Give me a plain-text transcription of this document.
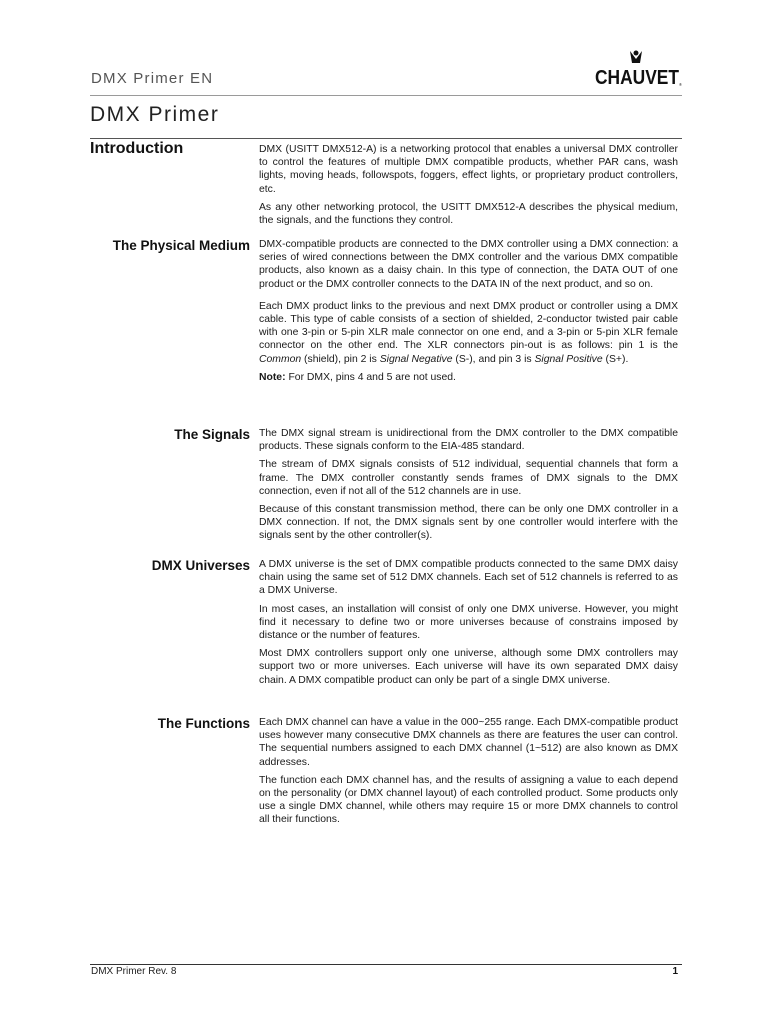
DMX Primer EN	CHAUVET ®
DMX Primer
Introduction	DMX (USITT DMX512-A) is a networking protocol that enables a universal DMX controller to control the features of multiple DMX compatible products, whether PAR cans, wash lights, moving heads, followspots, foggers, effect lights, or proprietary product controllers, etc.

As any other networking protocol, the USITT DMX512-A describes the physical medium, the signals, and the functions they control.

The Physical Medium DMX-compatible products are connected to the DMX controller using a DMX connection: a series of wired connections between the DMX controller and the various DMX compatible products, also known as a daisy chain. In this type of connection, the DATA OUT of one product or the DMX controller connects to the DATA IN of the next product, and so on.

Each DMX product links to the previous and next DMX product or controller using a DMX cable. This type of cable consists of a section of shielded, 2-conductor twisted pair cable with one 3-pin or 5-pin XLR male connector on one end, and a 3-pin or 5-pin XLR female connector on the other end. The XLR connectors pin-out is as follows: pin 1 is the Common (shield), pin 2 is Signal Negative (S-), and pin 3 is Signal Positive (S+).

Note: For DMX, pins 4 and 5 are not used.

The Signals The DMX signal stream is unidirectional from the DMX controller to the DMX compatible products. These signals conform to the EIA-485 standard.

The stream of DMX signals consists of 512 individual, sequential channels that form a frame. The DMX controller constantly sends frames of DMX signals to the DMX connection, even if not all of the 512 channels are in use.

Because of this constant transmission method, there can be only one DMX controller in a DMX connection. If not, the DMX signals sent by one controller would interfere with the signals sent by the other controller(s).

DMX Universes A DMX universe is the set of DMX compatible products connected to the same DMX daisy chain using the same set of 512 DMX channels. Each set of 512 channels is referred to as a DMX Universe.

In most cases, an installation will consist of only one DMX universe. However, you might find it necessary to define two or more universes because of constrains imposed by distance or the number of features.

Most DMX controllers support only one universe, although some DMX controllers may support two or more universes. Each universe will have its own separated DMX daisy chain. A DMX compatible product can only be part of a single DMX universe.

The Functions Each DMX channel can have a value in the 000~255 range. Each DMX-compatible product uses however many consecutive DMX channels as there are features the user can control. The sequential numbers assigned to each DMX channel (1~512) are also known as DMX addresses.

The function each DMX channel has, and the results of assigning a value to each depend on the personality (or DMX channel layout) of each controlled product. Some products only use a single DMX channel, while others may require 15 or more DMX channels to control all their functions.

DMX Primer Rev. 8	1
